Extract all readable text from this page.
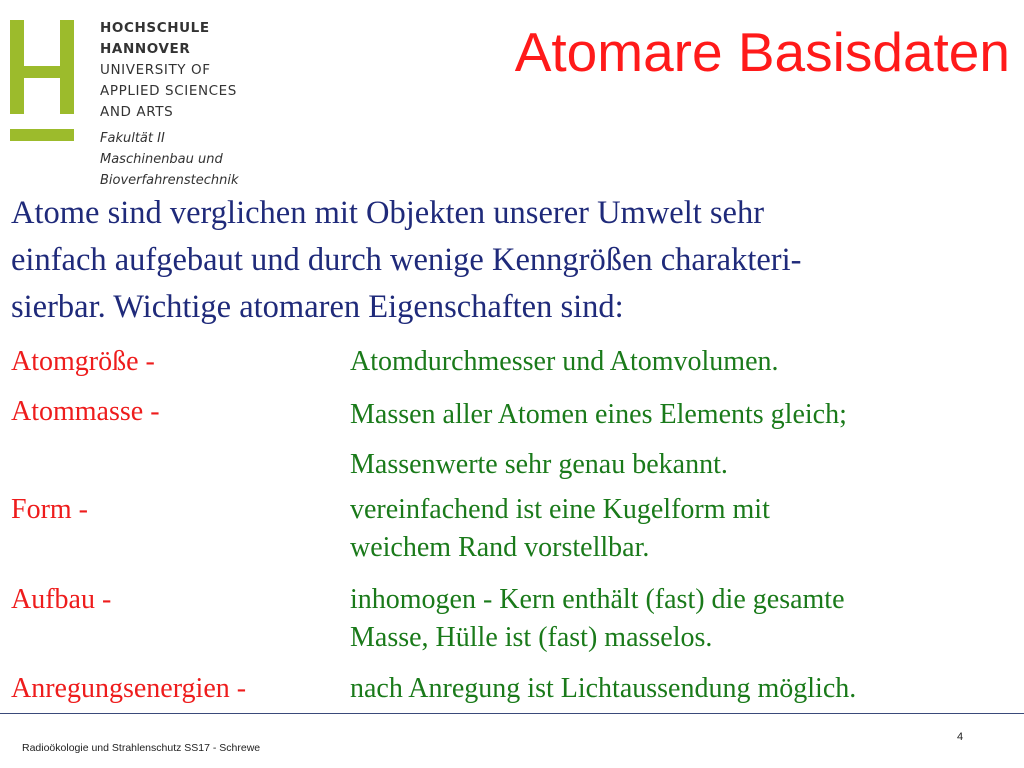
HOCHSCHULE
HANNOVER
UNIVERSITY OF
APPLIED SCIENCES
AND ARTS
Fakultät II
Maschinenbau und
Bioverfahrenstechnik
Atomare Basisdaten
Atome sind verglichen mit Objekten unserer Umwelt sehr
einfach aufgebaut und durch wenige Kenngrößen charakteri-
sierbar. Wichtige atomaren Eigenschaften sind:
Atomgröße -	Atomdurchmesser und Atomvolumen.
Atommasse -	Massen aller Atomen eines Elements gleich;
Massenwerte sehr genau bekannt.
Form -	vereinfachend ist eine Kugelform mit
weichem Rand vorstellbar.
Aufbau -	inhomogen - Kern enthält (fast) die gesamte
Masse, Hülle ist (fast) masselos.
Anregungsenergien -	nach Anregung ist Lichtaussendung möglich.
Radioökologie und Strahlenschutz SS17 - Schrewe
4
